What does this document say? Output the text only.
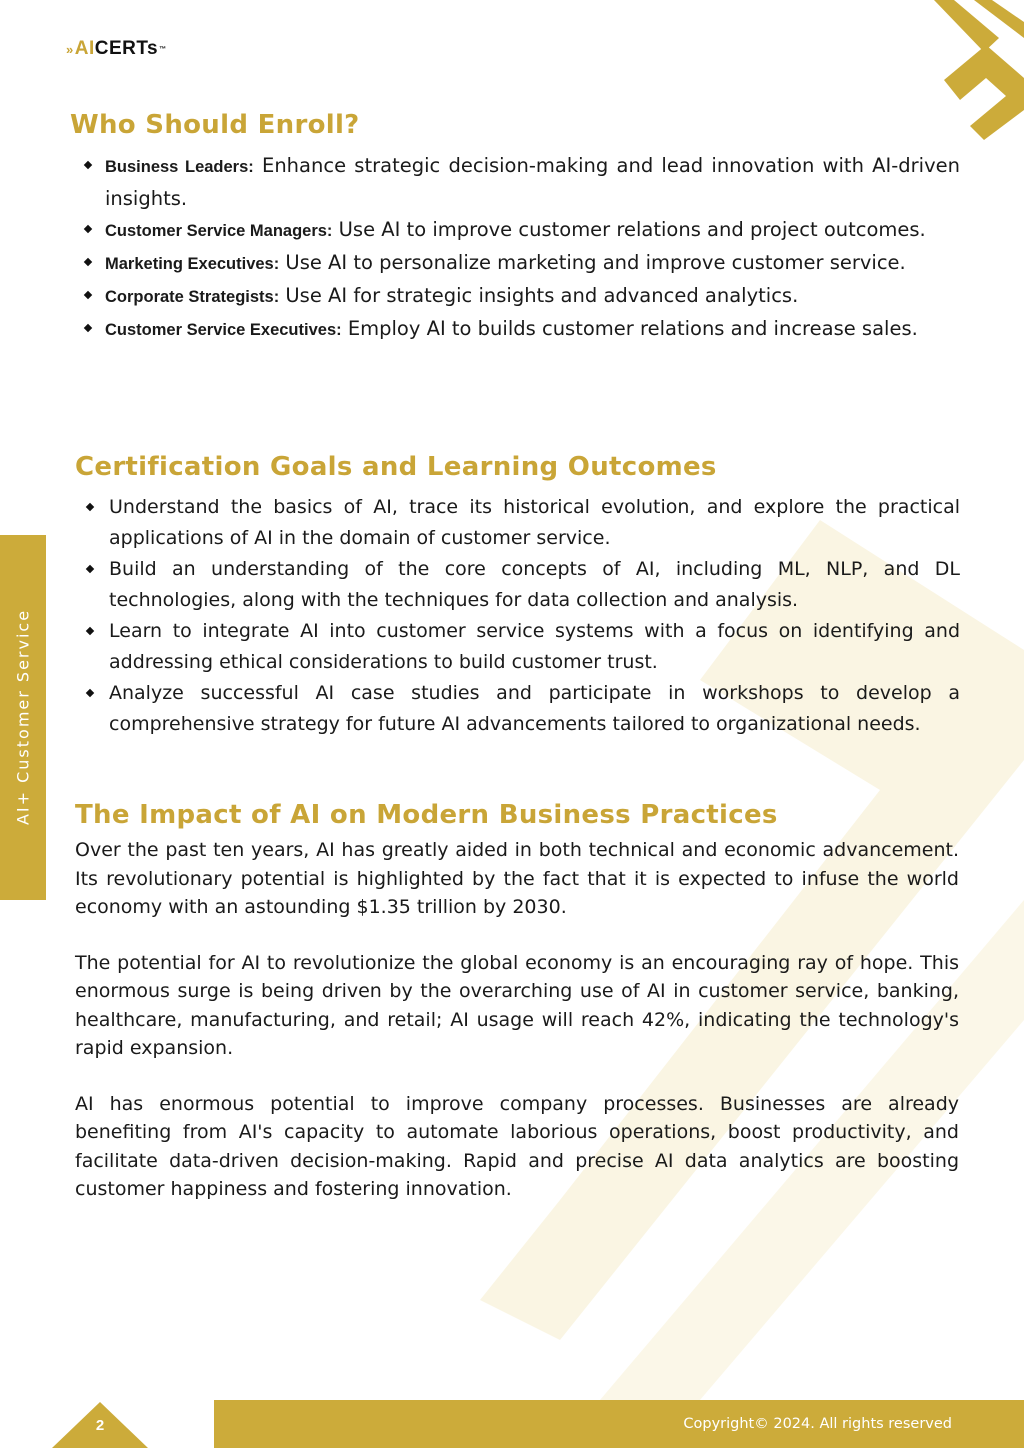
» AI CERTs ™
AI+ Customer Service
Who Should Enroll?
Business Leaders: Enhance strategic decision-making and lead innovation with AI-driven insights.
Customer Service Managers: Use AI to improve customer relations and project outcomes.
Marketing Executives: Use AI to personalize marketing and improve customer service.
Corporate Strategists: Use AI for strategic insights and advanced analytics.
Customer Service Executives: Employ AI to builds customer relations and increase sales.
Certification Goals and Learning Outcomes
Understand the basics of AI, trace its historical evolution, and explore the practical applications of AI in the domain of customer service.
Build an understanding of the core concepts of AI, including ML, NLP, and DL technologies, along with the techniques for data collection and analysis.
Learn to integrate AI into customer service systems with a focus on identifying and addressing ethical considerations to build customer trust.
Analyze successful AI case studies and participate in workshops to develop a comprehensive strategy for future AI advancements tailored to organizational needs.
The Impact of AI on Modern Business Practices

Over the past ten years, AI has greatly aided in both technical and economic advancement. Its revolutionary potential is highlighted by the fact that it is expected to infuse the world economy with an astounding $1.35 trillion by 2030.

The potential for AI to revolutionize the global economy is an encouraging ray of hope. This enormous surge is being driven by the overarching use of AI in customer service, banking, healthcare, manufacturing, and retail; AI usage will reach 42%, indicating the technology's rapid expansion.

AI has enormous potential to improve company processes. Businesses are already benefiting from AI's capacity to automate laborious operations, boost productivity, and facilitate data-driven decision-making. Rapid and precise AI data analytics are boosting customer happiness and fostering innovation.

2	Copyright© 2024. All rights reserved
